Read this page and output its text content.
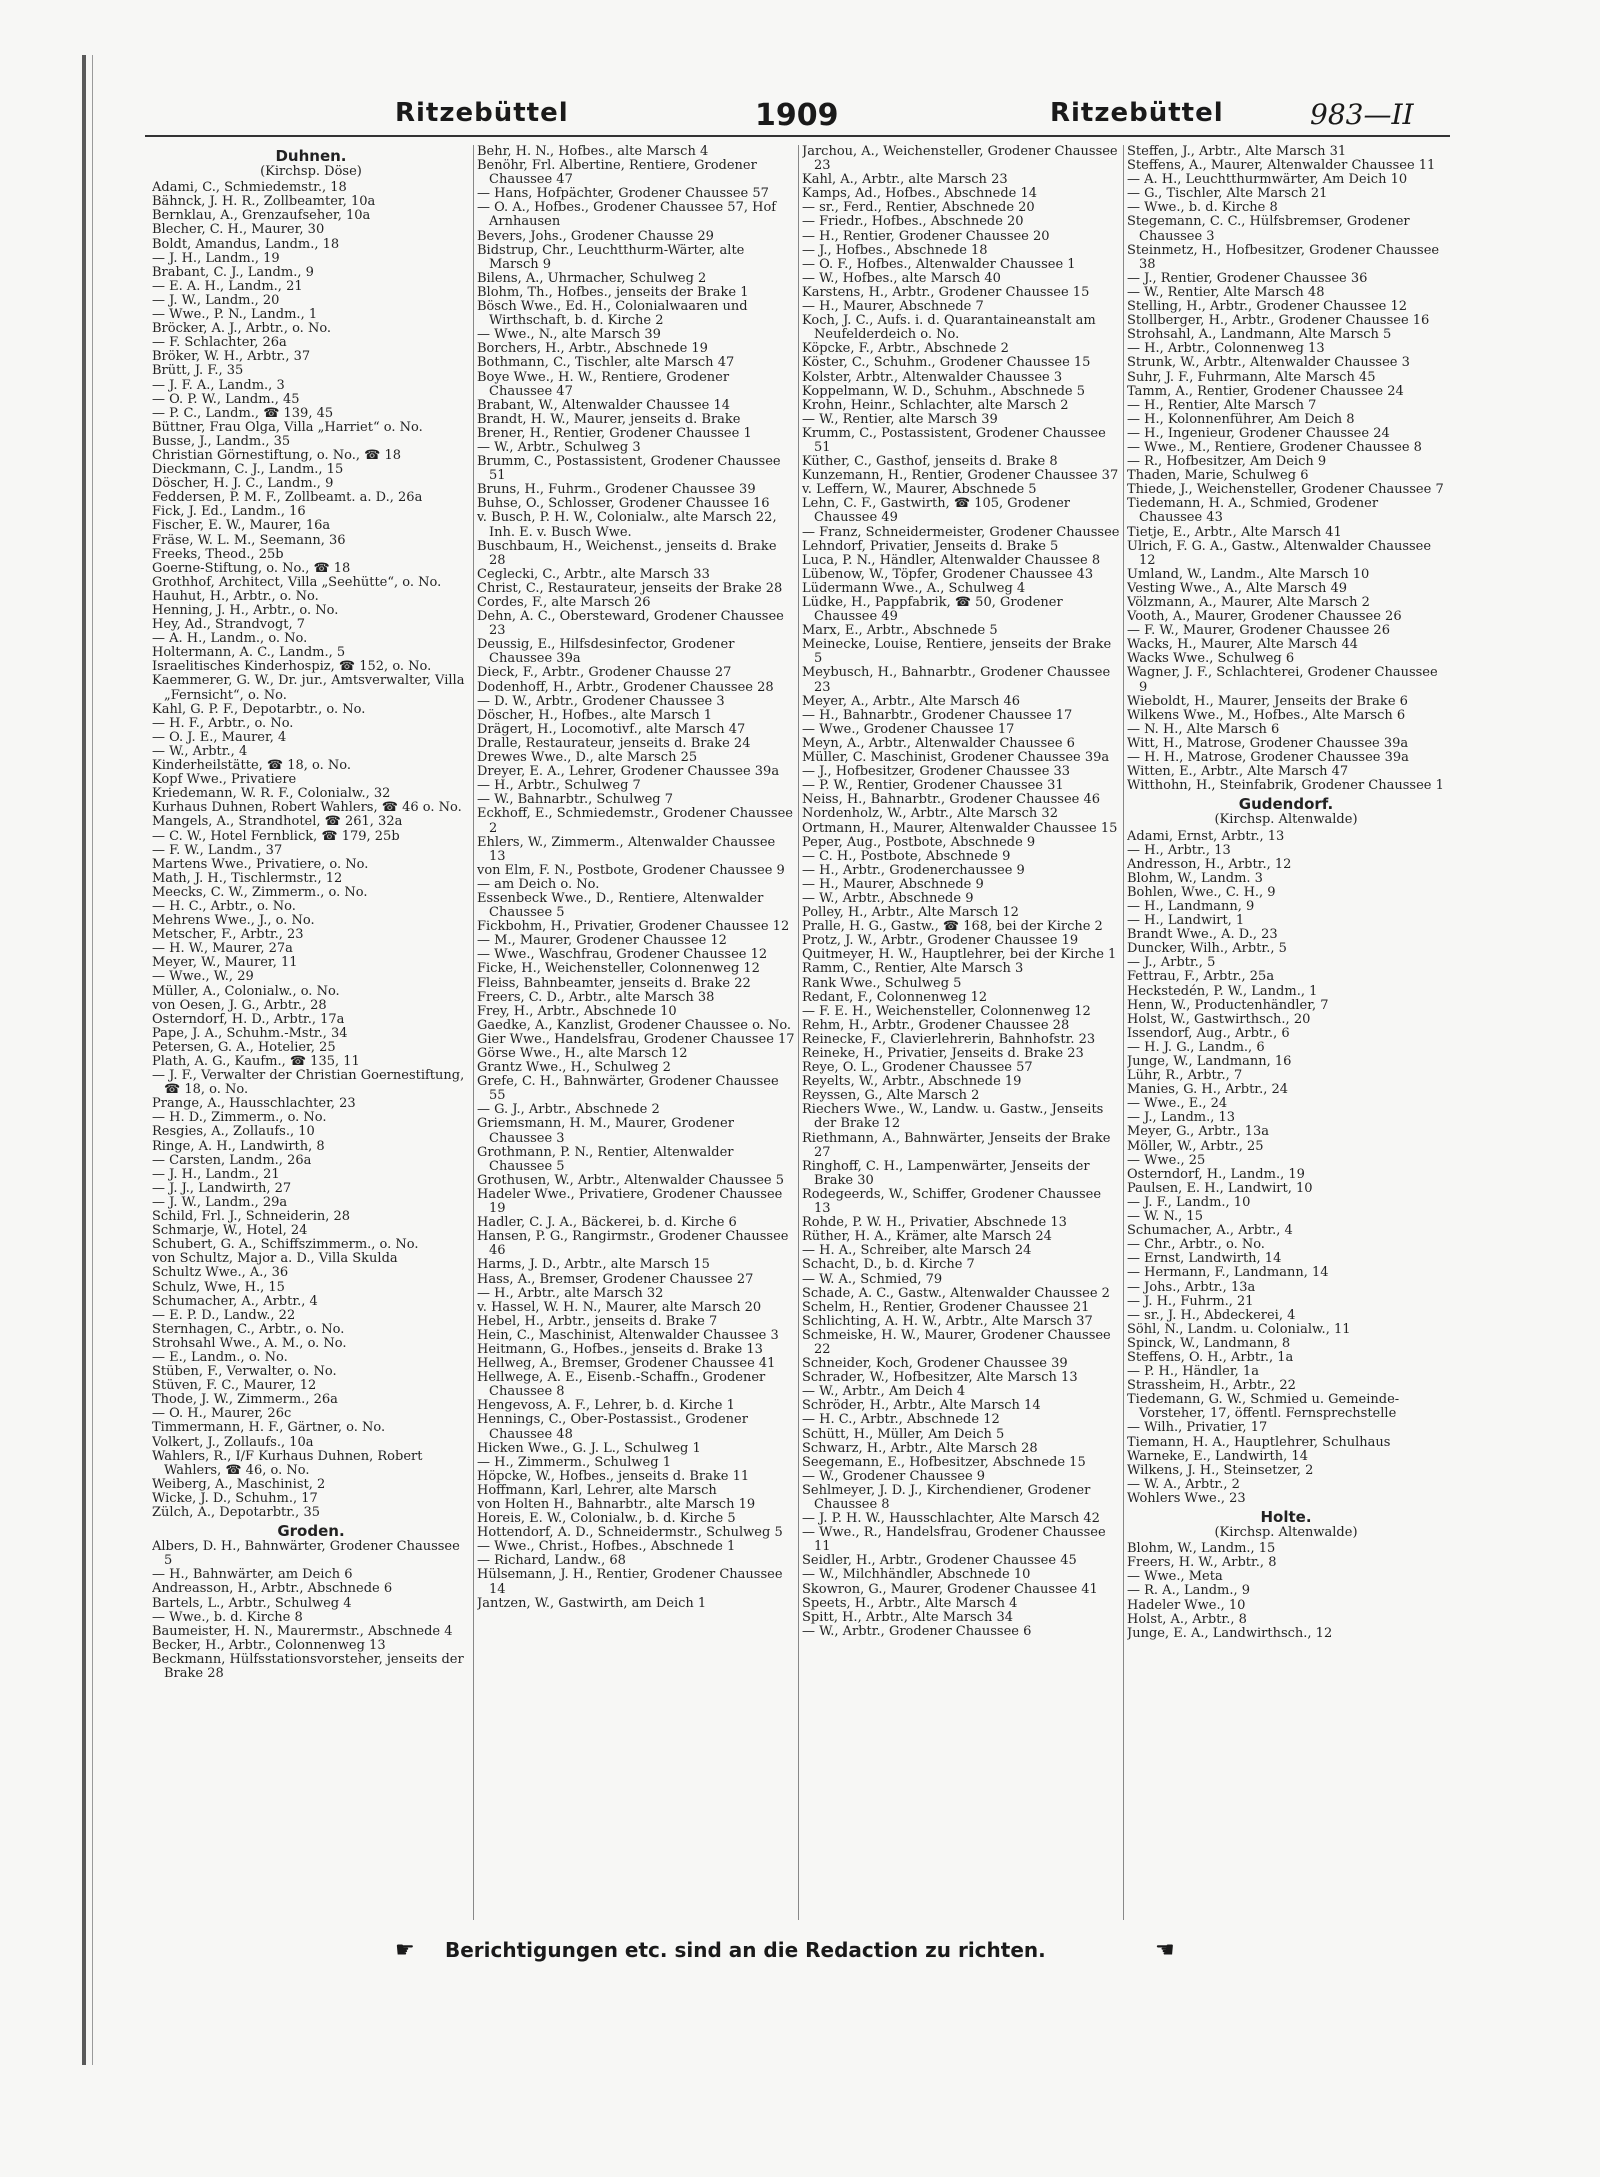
Ritzebüttel	1909	Ritzebüttel	983—II
Duhnen.
(Kirchsp. Döse)
Adami, C., Schmiedemstr., 18
Bähnck, J. H. R., Zollbeamter, 10a
Bernklau, A., Grenzaufseher, 10a
Blecher, C. H., Maurer, 30
Boldt, Amandus, Landm., 18
— J. H., Landm., 19
Brabant, C. J., Landm., 9
— E. A. H., Landm., 21
— J. W., Landm., 20
— Wwe., P. N., Landm., 1
Bröcker, A. J., Arbtr., o. No.
— F. Schlachter, 26a
Bröker, W. H., Arbtr., 37
Brütt, J. F., 35
— J. F. A., Landm., 3
— O. P. W., Landm., 45
— P. C., Landm., ☎ 139, 45
Büttner, Frau Olga, Villa „Harriet“ o. No.
Busse, J., Landm., 35
Christian Görnestiftung, o. No., ☎ 18
Dieckmann, C. J., Landm., 15
Döscher, H. J. C., Landm., 9
Feddersen, P. M. F., Zollbeamt. a. D., 26a
Fick, J. Ed., Landm., 16
Fischer, E. W., Maurer, 16a
Fräse, W. L. M., Seemann, 36
Freeks, Theod., 25b
Goerne-Stiftung, o. No., ☎ 18
Grothhof, Architect, Villa „Seehütte“, o. No.
Hauhut, H., Arbtr., o. No.
Henning, J. H., Arbtr., o. No.
Hey, Ad., Strandvogt, 7
— A. H., Landm., o. No.
Holtermann, A. C., Landm., 5
Israelitisches Kinderhospiz, ☎ 152, o. No.
Kaemmerer, G. W., Dr. jur., Amtsverwalter, Villa „Fernsicht“, o. No.
Kahl, G. P. F., Depotarbtr., o. No.
— H. F., Arbtr., o. No.
— O. J. E., Maurer, 4
— W., Arbtr., 4
Kinderheilstätte, ☎ 18, o. No.
Kopf Wwe., Privatiere
Kriedemann, W. R. F., Colonialw., 32
Kurhaus Duhnen, Robert Wahlers, ☎ 46 o. No.
Mangels, A., Strandhotel, ☎ 261, 32a
— C. W., Hotel Fernblick, ☎ 179, 25b
— F. W., Landm., 37
Martens Wwe., Privatiere, o. No.
Math, J. H., Tischlermstr., 12
Meecks, C. W., Zimmerm., o. No.
— H. C., Arbtr., o. No.
Mehrens Wwe., J., o. No.
Metscher, F., Arbtr., 23
— H. W., Maurer, 27a
Meyer, W., Maurer, 11
— Wwe., W., 29
Müller, A., Colonialw., o. No.
von Oesen, J. G., Arbtr., 28
Osterndorf, H. D., Arbtr., 17a
Pape, J. A., Schuhm.-Mstr., 34
Petersen, G. A., Hotelier, 25
Plath, A. G., Kaufm., ☎ 135, 11
— J. F., Verwalter der Christian Goernestiftung, ☎ 18, o. No.
Prange, A., Hausschlachter, 23
— H. D., Zimmerm., o. No.
Resgies, A., Zollaufs., 10
Ringe, A. H., Landwirth, 8
— Carsten, Landm., 26a
— J. H., Landm., 21
— J. J., Landwirth, 27
— J. W., Landm., 29a
Schild, Frl. J., Schneiderin, 28
Schmarje, W., Hotel, 24
Schubert, G. A., Schiffszimmerm., o. No.
von Schultz, Major a. D., Villa Skulda
Schultz Wwe., A., 36
Schulz, Wwe, H., 15
Schumacher, A., Arbtr., 4
— E. P. D., Landw., 22
Sternhagen, C., Arbtr., o. No.
Strohsahl Wwe., A. M., o. No.
— E., Landm., o. No.
Stüben, F., Verwalter, o. No.
Stüven, F. C., Maurer, 12
Thode, J. W., Zimmerm., 26a
— O. H., Maurer, 26c
Timmermann, H. F., Gärtner, o. No.
Volkert, J., Zollaufs., 10a
Wahlers, R., I/F Kurhaus Duhnen, Robert Wahlers, ☎ 46, o. No.
Weiberg, A., Maschinist, 2
Wicke, J. D., Schuhm., 17
Zülch, A., Depotarbtr., 35
Groden.
Albers, D. H., Bahnwärter, Grodener Chaussee 5
— H., Bahnwärter, am Deich 6
Andreasson, H., Arbtr., Abschnede 6
Bartels, L., Arbtr., Schulweg 4
— Wwe., b. d. Kirche 8
Baumeister, H. N., Maurermstr., Abschnede 4
Becker, H., Arbtr., Colonnenweg 13
Beckmann, Hülfsstationsvorsteher, jenseits der Brake 28
Behr, H. N., Hofbes., alte Marsch 4
Benöhr, Frl. Albertine, Rentiere, Grodener Chaussee 47
— Hans, Hofpächter, Grodener Chaussee 57
— O. A., Hofbes., Grodener Chaussee 57, Hof Arnhausen
Bevers, Johs., Grodener Chausse 29
Bidstrup, Chr., Leuchtthurm-Wärter, alte Marsch 9
Bilens, A., Uhrmacher, Schulweg 2
Blohm, Th., Hofbes., jenseits der Brake 1
Bösch Wwe., Ed. H., Colonialwaaren und Wirthschaft, b. d. Kirche 2
— Wwe., N., alte Marsch 39
Borchers, H., Arbtr., Abschnede 19
Bothmann, C., Tischler, alte Marsch 47
Boye Wwe., H. W., Rentiere, Grodener Chaussee 47
Brabant, W., Altenwalder Chaussee 14
Brandt, H. W., Maurer, jenseits d. Brake
Brener, H., Rentier, Grodener Chaussee 1
— W., Arbtr., Schulweg 3
Brumm, C., Postassistent, Grodener Chaussee 51
Bruns, H., Fuhrm., Grodener Chaussee 39
Buhse, O., Schlosser, Grodener Chaussee 16
v. Busch, P. H. W., Colonialw., alte Marsch 22, Inh. E. v. Busch Wwe.
Buschbaum, H., Weichenst., jenseits d. Brake 28
Ceglecki, C., Arbtr., alte Marsch 33
Christ, C., Restaurateur, jenseits der Brake 28
Cordes, F., alte Marsch 26
Dehn, A. C., Obersteward, Grodener Chaussee 23
Deussig, E., Hilfsdesinfector, Grodener Chaussee 39a
Dieck, F., Arbtr., Grodener Chausse 27
Dodenhoff, H., Arbtr., Grodener Chaussee 28
— D. W., Arbtr., Grodener Chaussee 3
Döscher, H., Hofbes., alte Marsch 1
Drägert, H., Locomotivf., alte Marsch 47
Dralle, Restaurateur, jenseits d. Brake 24
Drewes Wwe., D., alte Marsch 25
Dreyer, E. A., Lehrer, Grodener Chaussee 39a
— H., Arbtr., Schulweg 7
— W., Bahnarbtr., Schulweg 7
Eckhoff, E., Schmiedemstr., Grodener Chaussee 2
Ehlers, W., Zimmerm., Altenwalder Chaussee 13
von Elm, F. N., Postbote, Grodener Chaussee 9
— am Deich o. No.
Essenbeck Wwe., D., Rentiere, Altenwalder Chaussee 5
Fickbohm, H., Privatier, Grodener Chaussee 12
— M., Maurer, Grodener Chaussee 12
— Wwe., Waschfrau, Grodener Chaussee 12
Ficke, H., Weichensteller, Colonnenweg 12
Fleiss, Bahnbeamter, jenseits d. Brake 22
Freers, C. D., Arbtr., alte Marsch 38
Frey, H., Arbtr., Abschnede 10
Gaedke, A., Kanzlist, Grodener Chaussee o. No.
Gier Wwe., Handelsfrau, Grodener Chaussee 17
Görse Wwe., H., alte Marsch 12
Grantz Wwe., H., Schulweg 2
Grefe, C. H., Bahnwärter, Grodener Chaussee 55
— G. J., Arbtr., Abschnede 2
Griemsmann, H. M., Maurer, Grodener Chaussee 3
Grothmann, P. N., Rentier, Altenwalder Chaussee 5
Grothusen, W., Arbtr., Altenwalder Chaussee 5
Hadeler Wwe., Privatiere, Grodener Chaussee 19
Hadler, C. J. A., Bäckerei, b. d. Kirche 6
Hansen, P. G., Rangirmstr., Grodener Chaussee 46
Harms, J. D., Arbtr., alte Marsch 15
Hass, A., Bremser, Grodener Chaussee 27
— H., Arbtr., alte Marsch 32
v. Hassel, W. H. N., Maurer, alte Marsch 20
Hebel, H., Arbtr., jenseits d. Brake 7
Hein, C., Maschinist, Altenwalder Chaussee 3
Heitmann, G., Hofbes., jenseits d. Brake 13
Hellweg, A., Bremser, Grodener Chaussee 41
Hellwege, A. E., Eisenb.-Schaffn., Grodener Chaussee 8
Hengevoss, A. F., Lehrer, b. d. Kirche 1
Hennings, C., Ober-Postassist., Grodener Chaussee 48
Hicken Wwe., G. J. L., Schulweg 1
— H., Zimmerm., Schulweg 1
Höpcke, W., Hofbes., jenseits d. Brake 11
Hoffmann, Karl, Lehrer, alte Marsch
von Holten H., Bahnarbtr., alte Marsch 19
Horeis, E. W., Colonialw., b. d. Kirche 5
Hottendorf, A. D., Schneidermstr., Schulweg 5
— Wwe., Christ., Hofbes., Abschnede 1
— Richard, Landw., 68
Hülsemann, J. H., Rentier, Grodener Chaussee 14
Jantzen, W., Gastwirth, am Deich 1
Jarchou, A., Weichensteller, Grodener Chaussee 23
Kahl, A., Arbtr., alte Marsch 23
Kamps, Ad., Hofbes., Abschnede 14
— sr., Ferd., Rentier, Abschnede 20
— Friedr., Hofbes., Abschnede 20
— H., Rentier, Grodener Chaussee 20
— J., Hofbes., Abschnede 18
— O. F., Hofbes., Altenwalder Chaussee 1
— W., Hofbes., alte Marsch 40
Karstens, H., Arbtr., Grodener Chaussee 15
— H., Maurer, Abschnede 7
Koch, J. C., Aufs. i. d. Quarantaineanstalt am Neufelderdeich o. No.
Köpcke, F., Arbtr., Abschnede 2
Köster, C., Schuhm., Grodener Chaussee 15
Kolster, Arbtr., Altenwalder Chaussee 3
Koppelmann, W. D., Schuhm., Abschnede 5
Krohn, Heinr., Schlachter, alte Marsch 2
— W., Rentier, alte Marsch 39
Krumm, C., Postassistent, Grodener Chaussee 51
Küther, C., Gasthof, jenseits d. Brake 8
Kunzemann, H., Rentier, Grodener Chaussee 37
v. Leffern, W., Maurer, Abschnede 5
Lehn, C. F., Gastwirth, ☎ 105, Grodener Chaussee 49
— Franz, Schneidermeister, Grodener Chaussee
Lehndorf, Privatier, Jenseits d. Brake 5
Luca, P. N., Händler, Altenwalder Chaussee 8
Lübenow, W., Töpfer, Grodener Chaussee 43
Lüdermann Wwe., A., Schulweg 4
Lüdke, H., Pappfabrik, ☎ 50, Grodener Chaussee 49
Marx, E., Arbtr., Abschnede 5
Meinecke, Louise, Rentiere, jenseits der Brake 5
Meybusch, H., Bahnarbtr., Grodener Chaussee 23
Meyer, A., Arbtr., Alte Marsch 46
— H., Bahnarbtr., Grodener Chaussee 17
— Wwe., Grodener Chaussee 17
Meyn, A., Arbtr., Altenwalder Chaussee 6
Müller, C. Maschinist, Grodener Chaussee 39a
— J., Hofbesitzer, Grodener Chaussee 33
— P. W., Rentier, Grodener Chaussee 31
Neiss, H., Bahnarbtr., Grodener Chaussee 46
Nordenholz, W., Arbtr., Alte Marsch 32
Ortmann, H., Maurer, Altenwalder Chaussee 15
Peper, Aug., Postbote, Abschnede 9
— C. H., Postbote, Abschnede 9
— H., Arbtr., Grodenerchaussee 9
— H., Maurer, Abschnede 9
— W., Arbtr., Abschnede 9
Polley, H., Arbtr., Alte Marsch 12
Pralle, H. G., Gastw., ☎ 168, bei der Kirche 2
Protz, J. W., Arbtr., Grodener Chaussee 19
Quitmeyer, H. W., Hauptlehrer, bei der Kirche 1
Ramm, C., Rentier, Alte Marsch 3
Rank Wwe., Schulweg 5
Redant, F., Colonnenweg 12
— F. E. H., Weichensteller, Colonnenweg 12
Rehm, H., Arbtr., Grodener Chaussee 28
Reinecke, F., Clavierlehrerin, Bahnhofstr. 23
Reineke, H., Privatier, Jenseits d. Brake 23
Reye, O. L., Grodener Chaussee 57
Reyelts, W., Arbtr., Abschnede 19
Reyssen, G., Alte Marsch 2
Riechers Wwe., W., Landw. u. Gastw., Jenseits der Brake 12
Riethmann, A., Bahnwärter, Jenseits der Brake 27
Ringhoff, C. H., Lampenwärter, Jenseits der Brake 30
Rodegeerds, W., Schiffer, Grodener Chaussee 13
Rohde, P. W. H., Privatier, Abschnede 13
Rüther, H. A., Krämer, alte Marsch 24
— H. A., Schreiber, alte Marsch 24
Schacht, D., b. d. Kirche 7
— W. A., Schmied, 79
Schade, A. C., Gastw., Altenwalder Chaussee 2
Schelm, H., Rentier, Grodener Chaussee 21
Schlichting, A. H. W., Arbtr., Alte Marsch 37
Schmeiske, H. W., Maurer, Grodener Chaussee 22
Schneider, Koch, Grodener Chaussee 39
Schrader, W., Hofbesitzer, Alte Marsch 13
— W., Arbtr., Am Deich 4
Schröder, H., Arbtr., Alte Marsch 14
— H. C., Arbtr., Abschnede 12
Schütt, H., Müller, Am Deich 5
Schwarz, H., Arbtr., Alte Marsch 28
Seegemann, E., Hofbesitzer, Abschnede 15
— W., Grodener Chaussee 9
Sehlmeyer, J. D. J., Kirchendiener, Grodener Chaussee 8
— J. P. H. W., Hausschlachter, Alte Marsch 42
— Wwe., R., Handelsfrau, Grodener Chaussee 11
Seidler, H., Arbtr., Grodener Chaussee 45
— W., Milchhändler, Abschnede 10
Skowron, G., Maurer, Grodener Chaussee 41
Speets, H., Arbtr., Alte Marsch 4
Spitt, H., Arbtr., Alte Marsch 34
— W., Arbtr., Grodener Chaussee 6
Steffen, J., Arbtr., Alte Marsch 31
Steffens, A., Maurer, Altenwalder Chaussee 11
— A. H., Leuchtthurmwärter, Am Deich 10
— G., Tischler, Alte Marsch 21
— Wwe., b. d. Kirche 8
Stegemann, C. C., Hülfsbremser, Grodener Chaussee 3
Steinmetz, H., Hofbesitzer, Grodener Chaussee 38
— J., Rentier, Grodener Chaussee 36
— W., Rentier, Alte Marsch 48
Stelling, H., Arbtr., Grodener Chaussee 12
Stollberger, H., Arbtr., Grodener Chaussee 16
Strohsahl, A., Landmann, Alte Marsch 5
— H., Arbtr., Colonnenweg 13
Strunk, W., Arbtr., Altenwalder Chaussee 3
Suhr, J. F., Fuhrmann, Alte Marsch 45
Tamm, A., Rentier, Grodener Chaussee 24
— H., Rentier, Alte Marsch 7
— H., Kolonnenführer, Am Deich 8
— H., Ingenieur, Grodener Chaussee 24
— Wwe., M., Rentiere, Grodener Chaussee 8
— R., Hofbesitzer, Am Deich 9
Thaden, Marie, Schulweg 6
Thiede, J., Weichensteller, Grodener Chaussee 7
Tiedemann, H. A., Schmied, Grodener Chaussee 43
Tietje, E., Arbtr., Alte Marsch 41
Ulrich, F. G. A., Gastw., Altenwalder Chaussee 12
Umland, W., Landm., Alte Marsch 10
Vesting Wwe., A., Alte Marsch 49
Völzmann, A., Maurer, Alte Marsch 2
Vooth, A., Maurer, Grodener Chaussee 26
— F. W., Maurer, Grodener Chaussee 26
Wacks, H., Maurer, Alte Marsch 44
Wacks Wwe., Schulweg 6
Wagner, J. F., Schlachterei, Grodener Chaussee 9
Wieboldt, H., Maurer, Jenseits der Brake 6
Wilkens Wwe., M., Hofbes., Alte Marsch 6
— N. H., Alte Marsch 6
Witt, H., Matrose, Grodener Chaussee 39a
— H. H., Matrose, Grodener Chaussee 39a
Witten, E., Arbtr., Alte Marsch 47
Witthohn, H., Steinfabrik, Grodener Chaussee 1
Gudendorf.
(Kirchsp. Altenwalde)
Adami, Ernst, Arbtr., 13
— H., Arbtr., 13
Andresson, H., Arbtr., 12
Blohm, W., Landm. 3
Bohlen, Wwe., C. H., 9
— H., Landmann, 9
— H., Landwirt, 1
Brandt Wwe., A. D., 23
Duncker, Wilh., Arbtr., 5
— J., Arbtr., 5
Fettrau, F., Arbtr., 25a
Heckstedén, P. W., Landm., 1
Henn, W., Productenhändler, 7
Holst, W., Gastwirthsch., 20
Issendorf, Aug., Arbtr., 6
— H. J. G., Landm., 6
Junge, W., Landmann, 16
Lühr, R., Arbtr., 7
Manies, G. H., Arbtr., 24
— Wwe., E., 24
— J., Landm., 13
Meyer, G., Arbtr., 13a
Möller, W., Arbtr., 25
— Wwe., 25
Osterndorf, H., Landm., 19
Paulsen, E. H., Landwirt, 10
— J. F., Landm., 10
— W. N., 15
Schumacher, A., Arbtr., 4
— Chr., Arbtr., o. No.
— Ernst, Landwirth, 14
— Hermann, F., Landmann, 14
— Johs., Arbtr., 13a
— J. H., Fuhrm., 21
— sr., J. H., Abdeckerei, 4
Söhl, N., Landm. u. Colonialw., 11
Spinck, W., Landmann, 8
Steffens, O. H., Arbtr., 1a
— P. H., Händler, 1a
Strassheim, H., Arbtr., 22
Tiedemann, G. W., Schmied u. Gemeinde-Vorsteher, 17, öffentl. Fernsprechstelle
— Wilh., Privatier, 17
Tiemann, H. A., Hauptlehrer, Schulhaus
Warneke, E., Landwirth, 14
Wilkens, J. H., Steinsetzer, 2
— W. A., Arbtr., 2
Wohlers Wwe., 23
Holte.
(Kirchsp. Altenwalde)
Blohm, W., Landm., 15
Freers, H. W., Arbtr., 8
— Wwe., Meta
— R. A., Landm., 9
Hadeler Wwe., 10
Holst, A., Arbtr., 8
Junge, E. A., Landwirthsch., 12
☛ Berichtigungen etc. sind an die Redaction zu richten.	☚
